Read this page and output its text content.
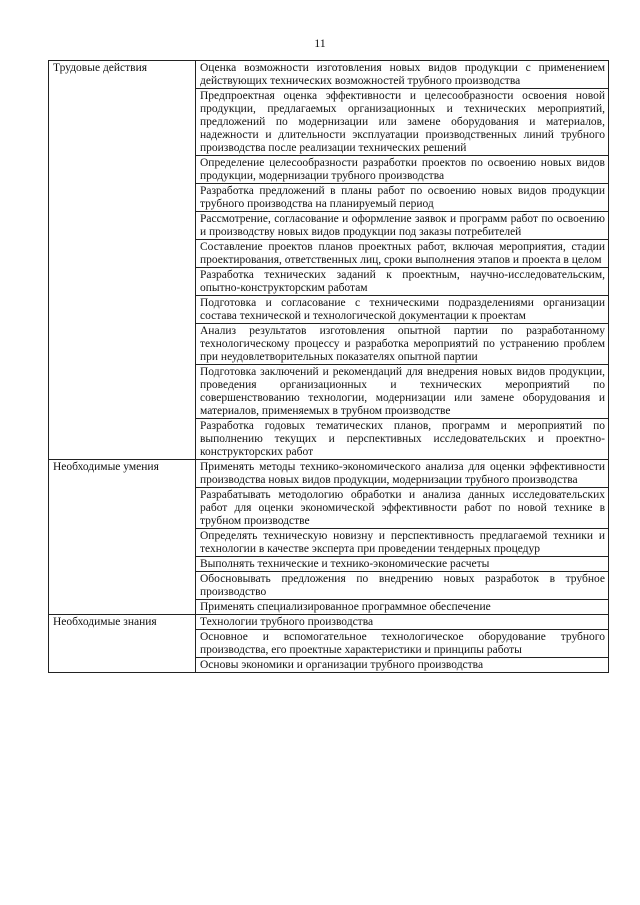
11
Трудовые действия	Оценка возможности изготовления новых видов продукции с применением действующих технических возможностей трубного производства
	Предпроектная оценка эффективности и целесообразности освоения новой продукции, предлагаемых организационных и технических мероприятий, предложений по модернизации или замене оборудования и материалов, надежности и длительности эксплуатации производственных линий трубного производства после реализации технических решений
	Определение целесообразности разработки проектов по освоению новых видов продукции, модернизации трубного производства
	Разработка предложений в планы работ по освоению новых видов продукции трубного производства на планируемый период
	Рассмотрение, согласование и оформление заявок и программ работ по освоению и производству новых видов продукции под заказы потребителей
	Составление проектов планов проектных работ, включая мероприятия, стадии проектирования, ответственных лиц, сроки выполнения этапов и проекта в целом
	Разработка технических заданий к проектным, научно-исследовательским, опытно-конструкторским работам
	Подготовка и согласование с техническими подразделениями организации состава технической и технологической документации к проектам
	Анализ результатов изготовления опытной партии по разработанному технологическому процессу и разработка мероприятий по устранению проблем при неудовлетворительных показателях опытной партии
	Подготовка заключений и рекомендаций для внедрения новых видов продукции, проведения организационных и технических мероприятий по совершенствованию технологии, модернизации или замене оборудования и материалов, применяемых в трубном производстве
	Разработка годовых тематических планов, программ и мероприятий по выполнению текущих и перспективных исследовательских и проектно-конструкторских работ
Необходимые умения	Применять методы технико-экономического анализа для оценки эффективности производства новых видов продукции, модернизации трубного производства
	Разрабатывать методологию обработки и анализа данных исследовательских работ для оценки экономической эффективности работ по новой технике в трубном производстве
	Определять техническую новизну и перспективность предлагаемой техники и технологии в качестве эксперта при проведении тендерных процедур
	Выполнять технические и технико-экономические расчеты
	Обосновывать предложения по внедрению новых разработок в трубное производство
	Применять специализированное программное обеспечение
Необходимые знания	Технологии трубного производства
	Основное и вспомогательное технологическое оборудование трубного производства, его проектные характеристики и принципы работы
	Основы экономики и организации трубного производства
